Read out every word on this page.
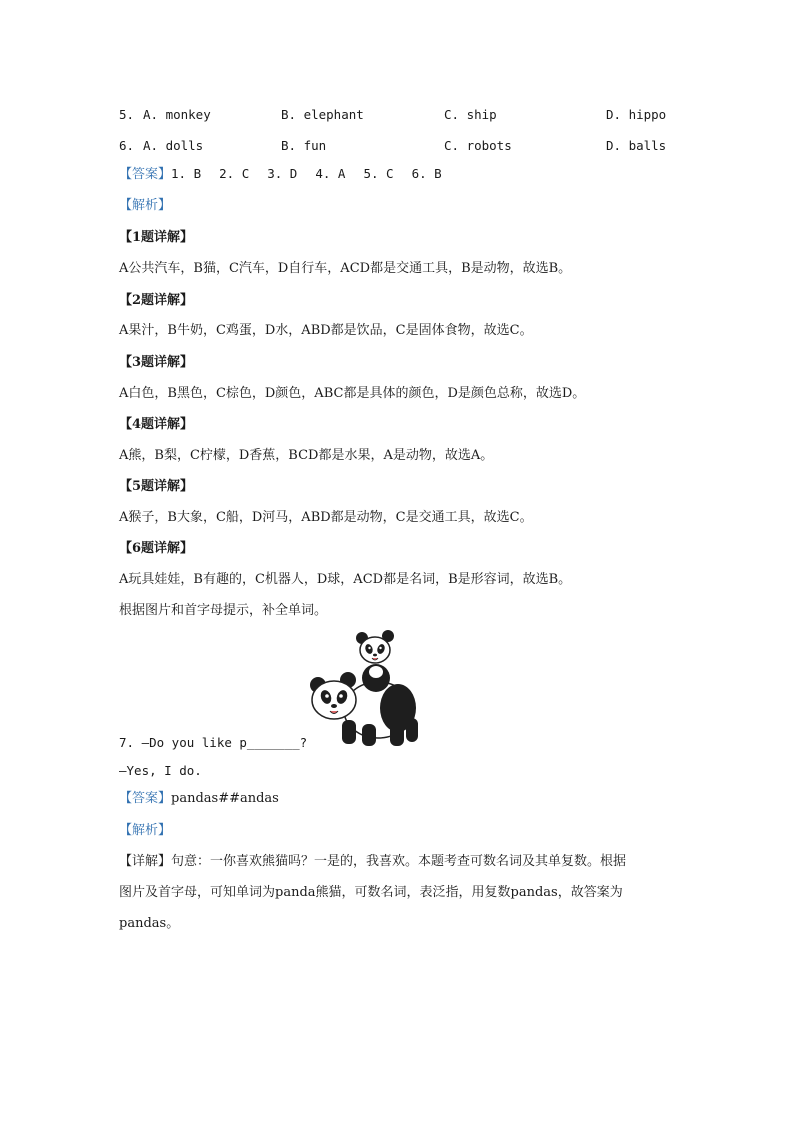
5. A. monkey	B. elephant	C. ship	D. hippo
6. A. dolls	B. fun	C. robots	D. balls
【答案】1. B 2. C 3. D 4. A 5. C 6. B
【解析】
【1题详解】
A公共汽车，B猫，C汽车，D自行车，ACD都是交通工具，B是动物，故选B。
【2题详解】
A果汁，B牛奶，C鸡蛋，D水，ABD都是饮品，C是固体食物，故选C。
【3题详解】
A白色，B黑色，C棕色，D颜色，ABC都是具体的颜色，D是颜色总称，故选D。
【4题详解】
A熊，B梨，C柠檬，D香蕉，BCD都是水果，A是动物，故选A。
【5题详解】
A猴子，B大象，C船，D河马，ABD都是动物，C是交通工具，故选C。
【6题详解】
A玩具娃娃，B有趣的，C机器人，D球，ACD都是名词，B是形容词，故选B。
根据图片和首字母提示，补全单词。
7. —Do you like p_______?
—Yes, I do.
【答案】pandas##andas
【解析】
【详解】句意：一你喜欢熊猫吗？一是的，我喜欢。本题考查可数名词及其单复数。根据
图片及首字母，可知单词为panda熊猫，可数名词，表泛指，用复数pandas，故答案为
pandas。
